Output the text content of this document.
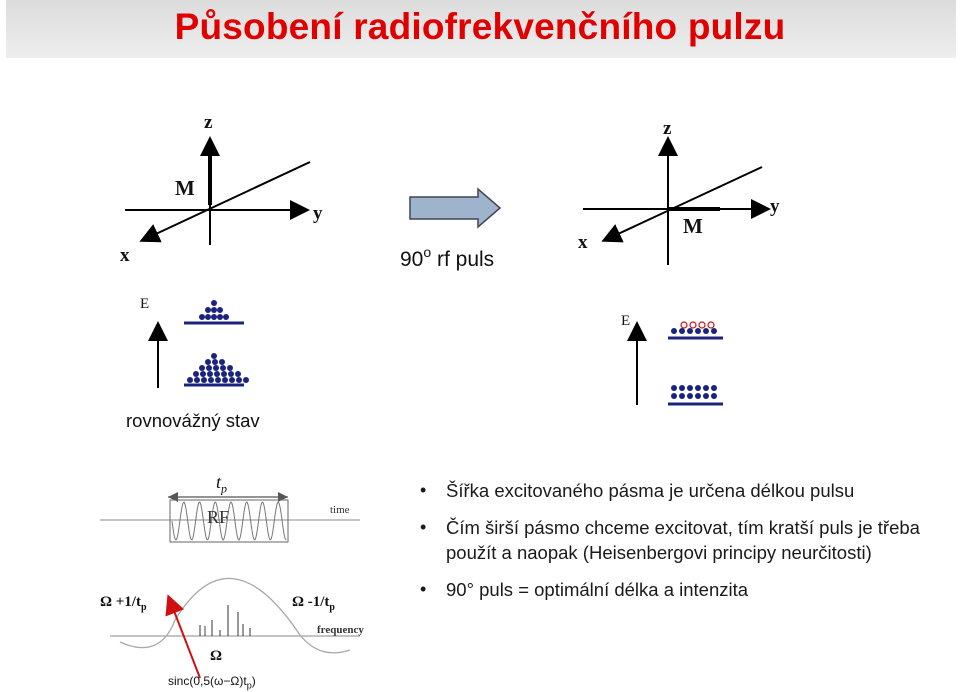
Působení radiofrekvenčního pulzu
z
y
x
M
90$^o$ rf puls
z
y
x
M
E
E
rovnovážný stav
$t_p$
RF	time
$\Omega +1/t_p$	Ω $-1/t_p$
frequency
Ω
$\sin c(0,5(\omega-\Omega)t_p)$
• Šířka excitovaného pásma je určena délkou pulsu
• Čím širší pásmo chceme excitovat, tím kratší puls je třeba použít a naopak (Heisenbergovi principy neurčitosti)
• 90° puls = optimální délka a intenzita
